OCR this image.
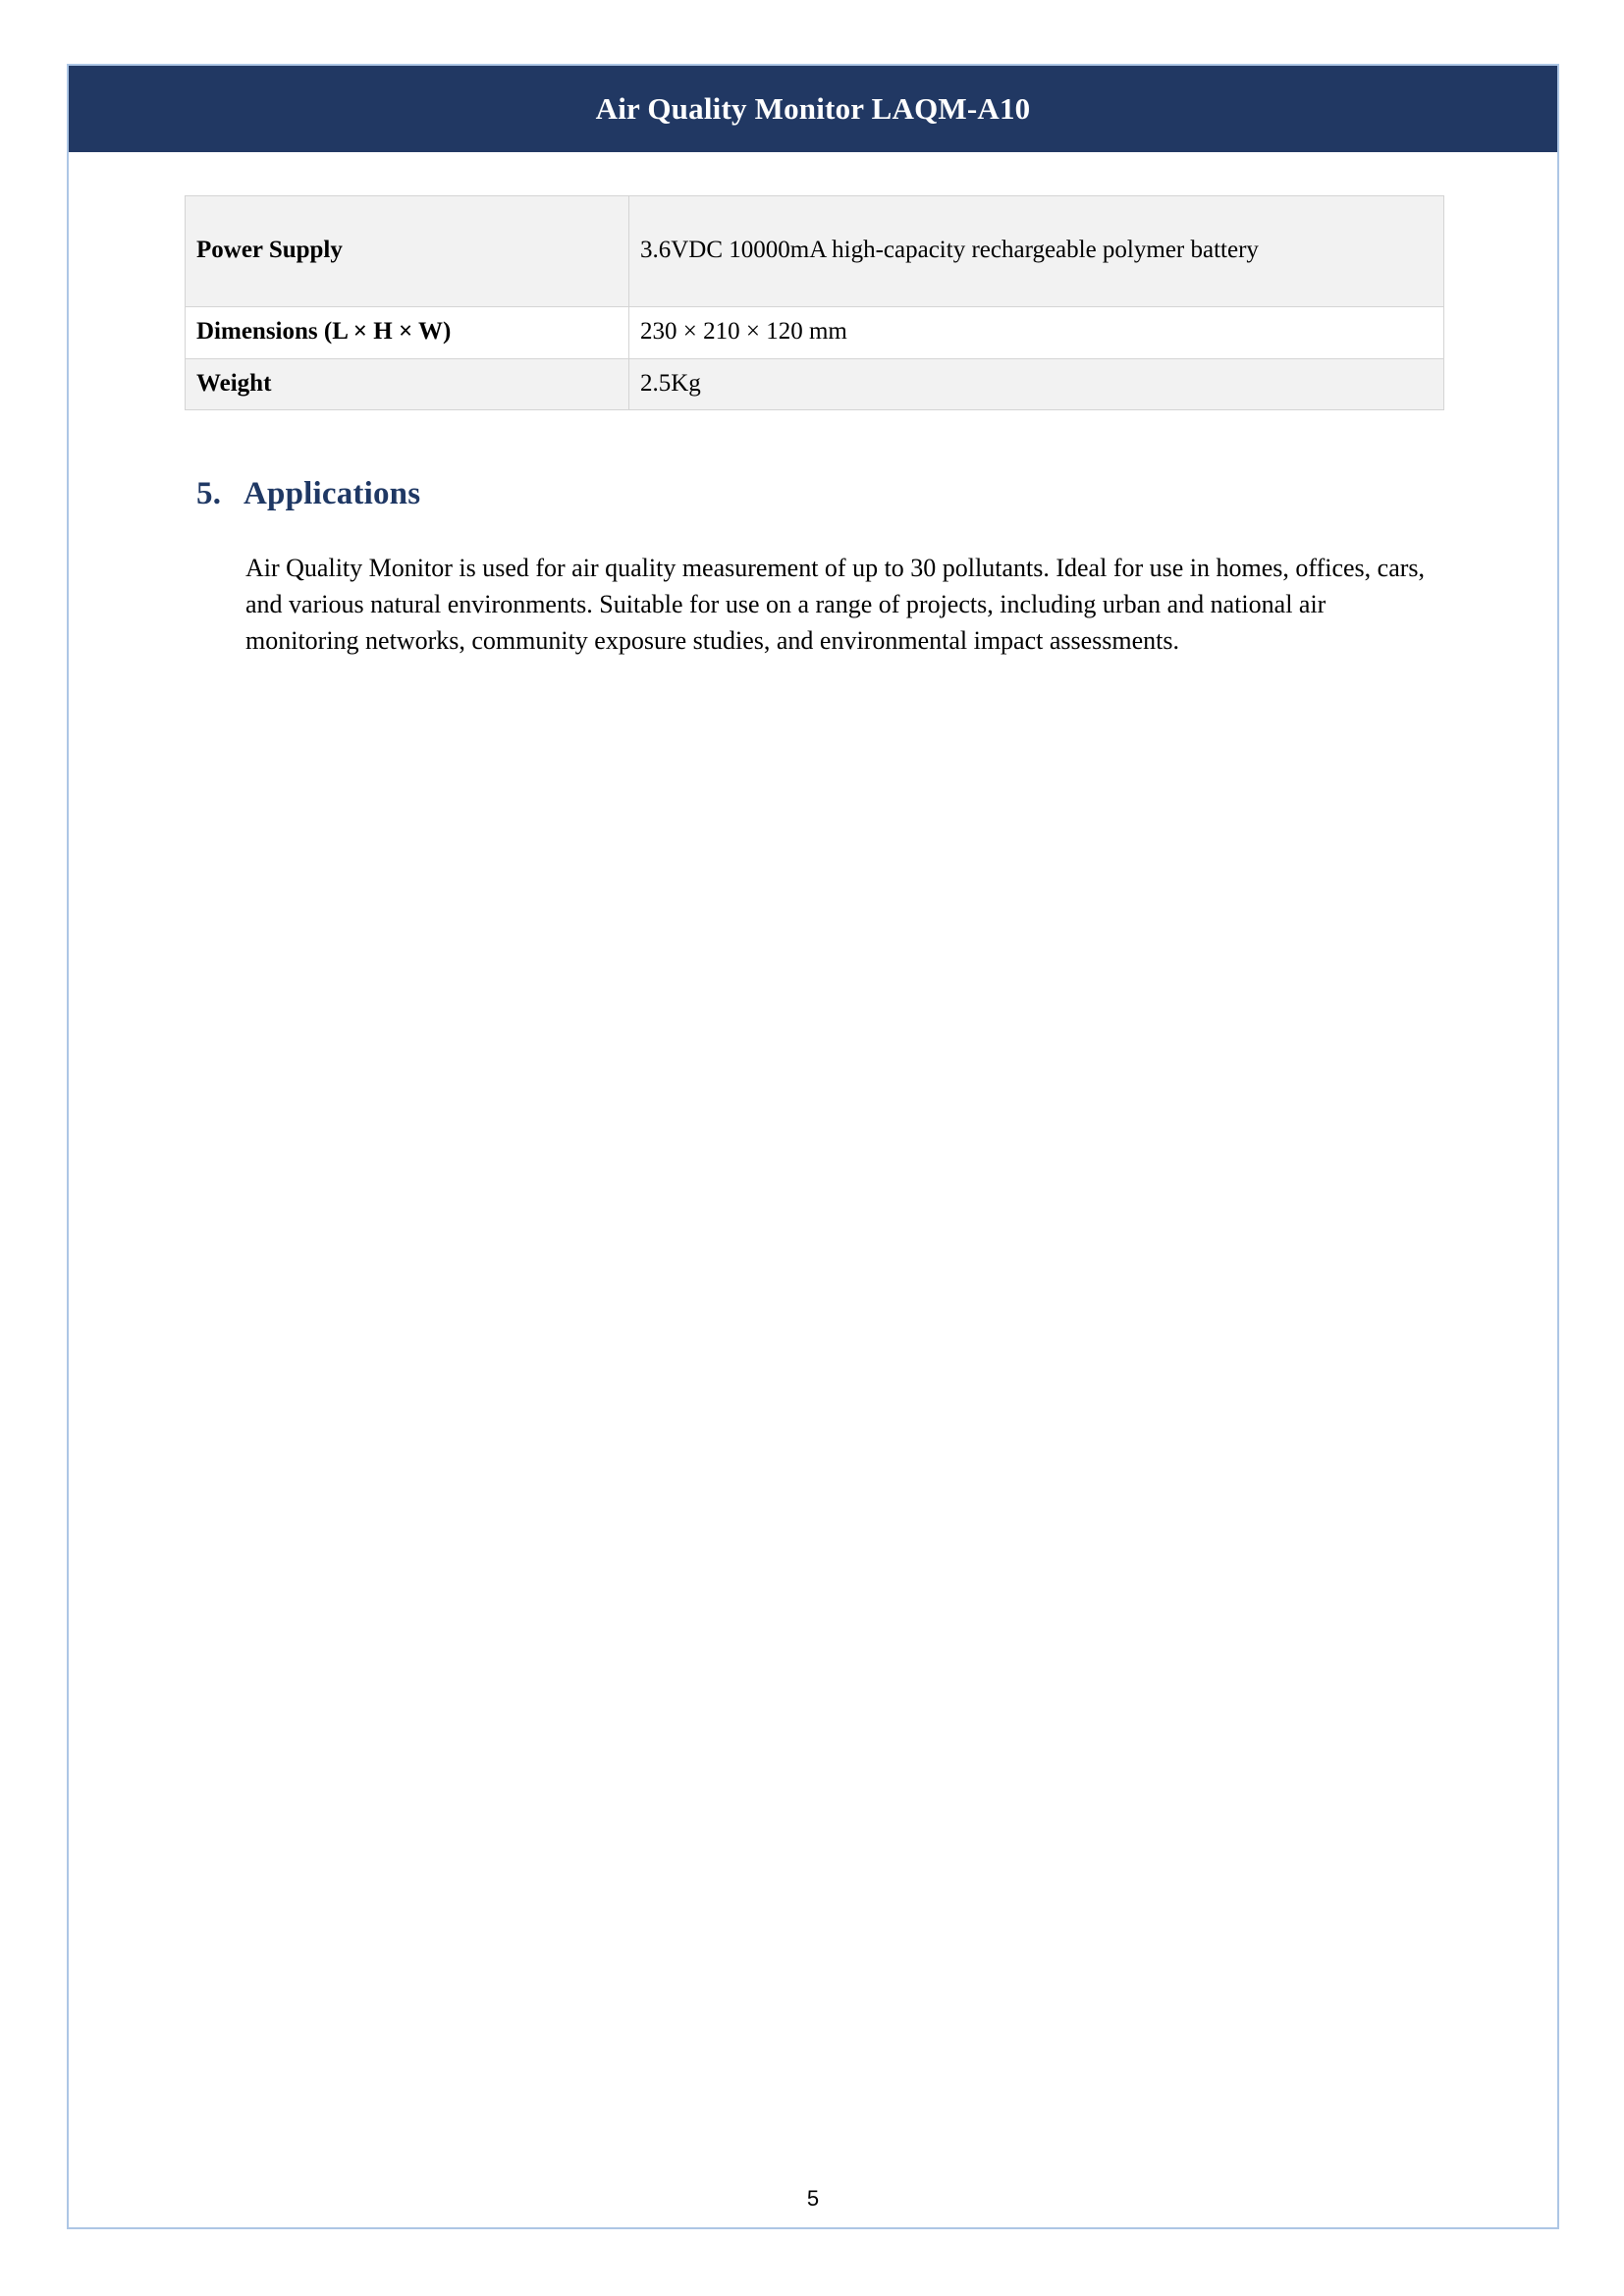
Air Quality Monitor LAQM-A10
Power Supply	3.6VDC 10000mA high-capacity rechargeable polymer battery
Dimensions (L × H × W)	230 × 210 × 120 mm
Weight	2.5Kg
5. Applications
Air Quality Monitor is used for air quality measurement of up to 30 pollutants. Ideal for use in homes, offices, cars, and various natural environments. Suitable for use on a range of projects, including urban and national air monitoring networks, community exposure studies, and environmental impact assessments.
5
